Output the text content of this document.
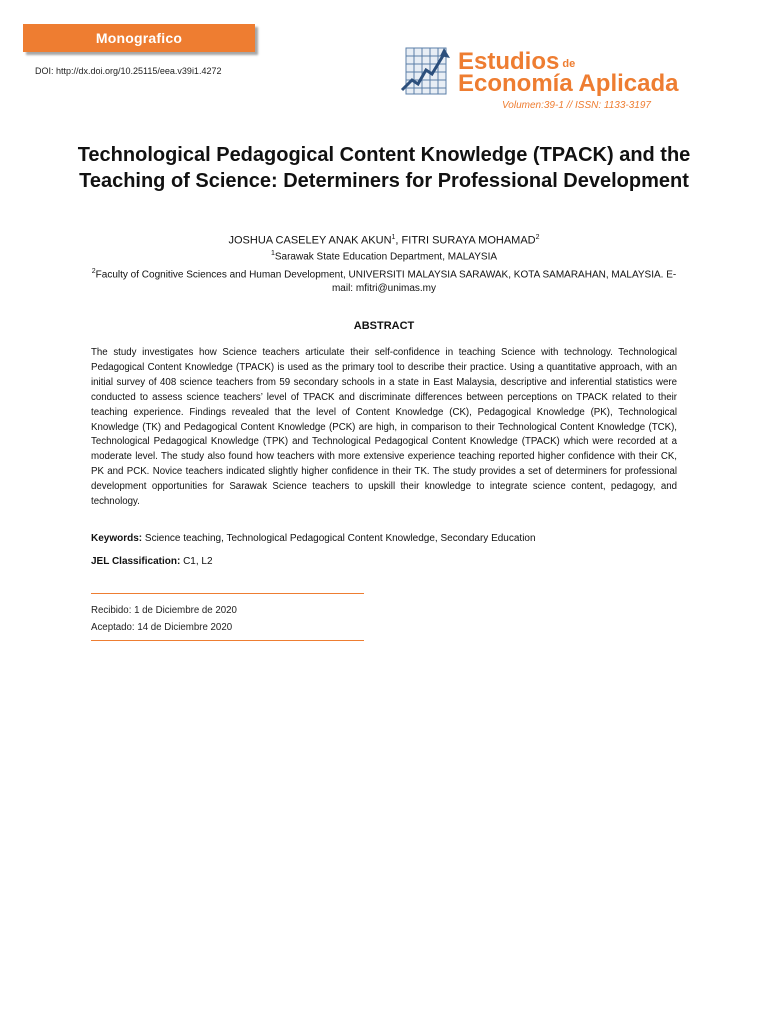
Monografico
DOI: http://dx.doi.org/10.25115/eea.v39i1.4272	Estudios de
Economía Aplicada
Volumen:39-1 // ISSN: 1133-3197
Technological Pedagogical Content Knowledge (TPACK) and the Teaching of Science: Determiners for Professional Development
JOSHUA CASELEY ANAK AKUN$^1$, FITRI SURAYA MOHAMAD$^2$
$^1$Sarawak State Education Department, MALAYSIA
$^2$Faculty of Cognitive Sciences and Human Development, UNIVERSITI MALAYSIA SARAWAK, KOTA SAMARAHAN, MALAYSIA. E-mail: mfitri@unimas.my
ABSTRACT
The study investigates how Science teachers articulate their self-confidence in teaching Science with technology. Technological Pedagogical Content Knowledge (TPACK) is used as the primary tool to describe their practice. Using a quantitative approach, with an initial survey of 408 science teachers from 59 secondary schools in a state in East Malaysia, descriptive and inferential statistics were conducted to assess science teachers’ level of TPACK and discriminate differences between perceptions on TPACK related to their teaching experience. Findings revealed that the level of Content Knowledge (CK), Pedagogical Knowledge (PK), Technological Knowledge (TK) and Pedagogical Content Knowledge (PCK) are high, in comparison to their Technological Content Knowledge (TCK), Technological Pedagogical Knowledge (TPK) and Technological Pedagogical Content Knowledge (TPACK) which were recorded at a moderate level. The study also found how teachers with more extensive experience teaching reported higher confidence with their CK, PK and PCK. Novice teachers indicated slightly higher confidence in their TK. The study provides a set of determiners for professional development opportunities for Sarawak Science teachers to upskill their knowledge to integrate science content, pedagogy, and technology.
Keywords: Science teaching, Technological Pedagogical Content Knowledge, Secondary Education
JEL Classification: C1, L2
Recibido: 1 de Diciembre de 2020
Aceptado: 14 de Diciembre 2020
